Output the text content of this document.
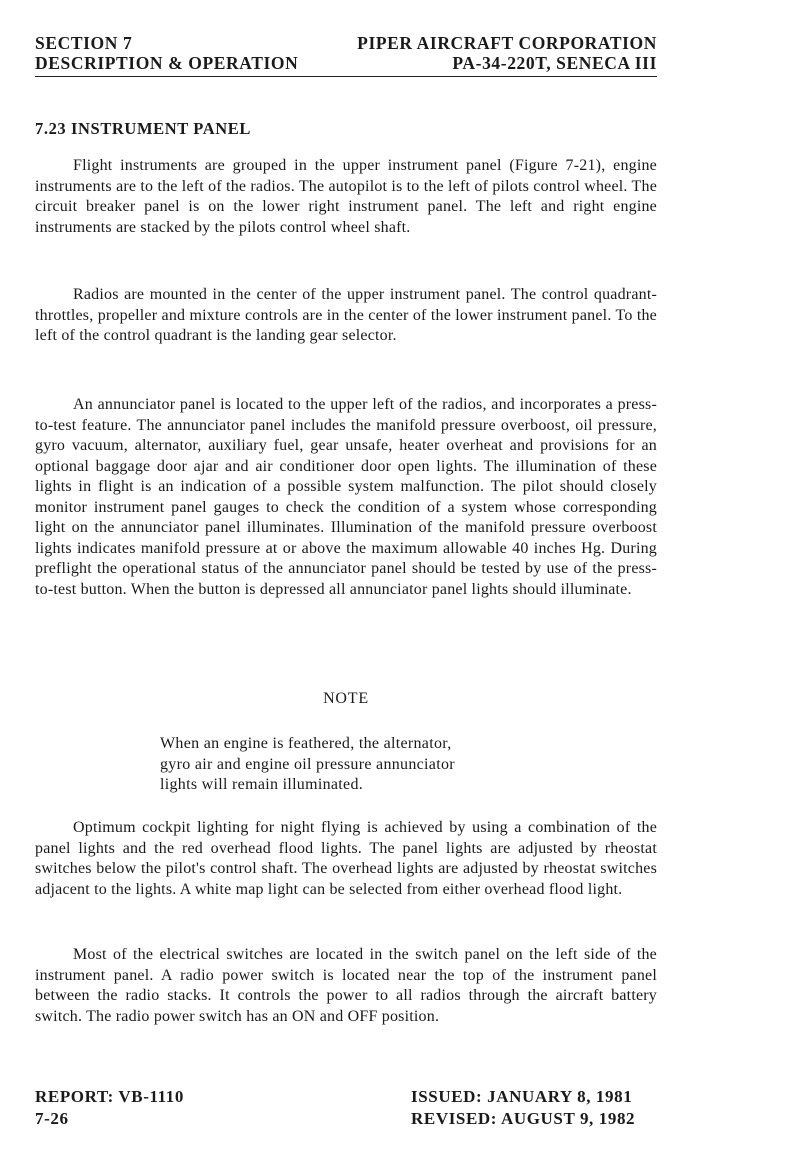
SECTION 7
DESCRIPTION & OPERATION
PIPER AIRCRAFT CORPORATION
PA-34-220T, SENECA III
7.23 INSTRUMENT PANEL

Flight instruments are grouped in the upper instrument panel (Figure 7-21), engine instruments are to the left of the radios. The autopilot is to the left of pilots control wheel. The circuit breaker panel is on the lower right instrument panel. The left and right engine instruments are stacked by the pilots control wheel shaft.

Radios are mounted in the center of the upper instrument panel. The control quadrant-throttles, propeller and mixture controls are in the center of the lower instrument panel. To the left of the control quadrant is the landing gear selector.

An annunciator panel is located to the upper left of the radios, and incorporates a press-to-test feature. The annunciator panel includes the manifold pressure overboost, oil pressure, gyro vacuum, alternator, auxiliary fuel, gear unsafe, heater overheat and provisions for an optional baggage door ajar and air conditioner door open lights. The illumination of these lights in flight is an indication of a possible system malfunction. The pilot should closely monitor instrument panel gauges to check the condition of a system whose corresponding light on the annunciator panel illuminates. Illumination of the manifold pressure overboost lights indicates manifold pressure at or above the maximum allowable 40 inches Hg. During preflight the operational status of the annunciator panel should be tested by use of the press-to-test button. When the button is depressed all annunciator panel lights should illuminate.

NOTE
When an engine is feathered, the alternator,
gyro air and engine oil pressure annunciator
lights will remain illuminated.

Optimum cockpit lighting for night flying is achieved by using a combination of the panel lights and the red overhead flood lights. The panel lights are adjusted by rheostat switches below the pilot's control shaft. The overhead lights are adjusted by rheostat switches adjacent to the lights. A white map light can be selected from either overhead flood light.

Most of the electrical switches are located in the switch panel on the left side of the instrument panel. A radio power switch is located near the top of the instrument panel between the radio stacks. It controls the power to all radios through the aircraft battery switch. The radio power switch has an ON and OFF position.

REPORT: VB-1110
7-26
ISSUED: JANUARY 8, 1981
REVISED: AUGUST 9, 1982
